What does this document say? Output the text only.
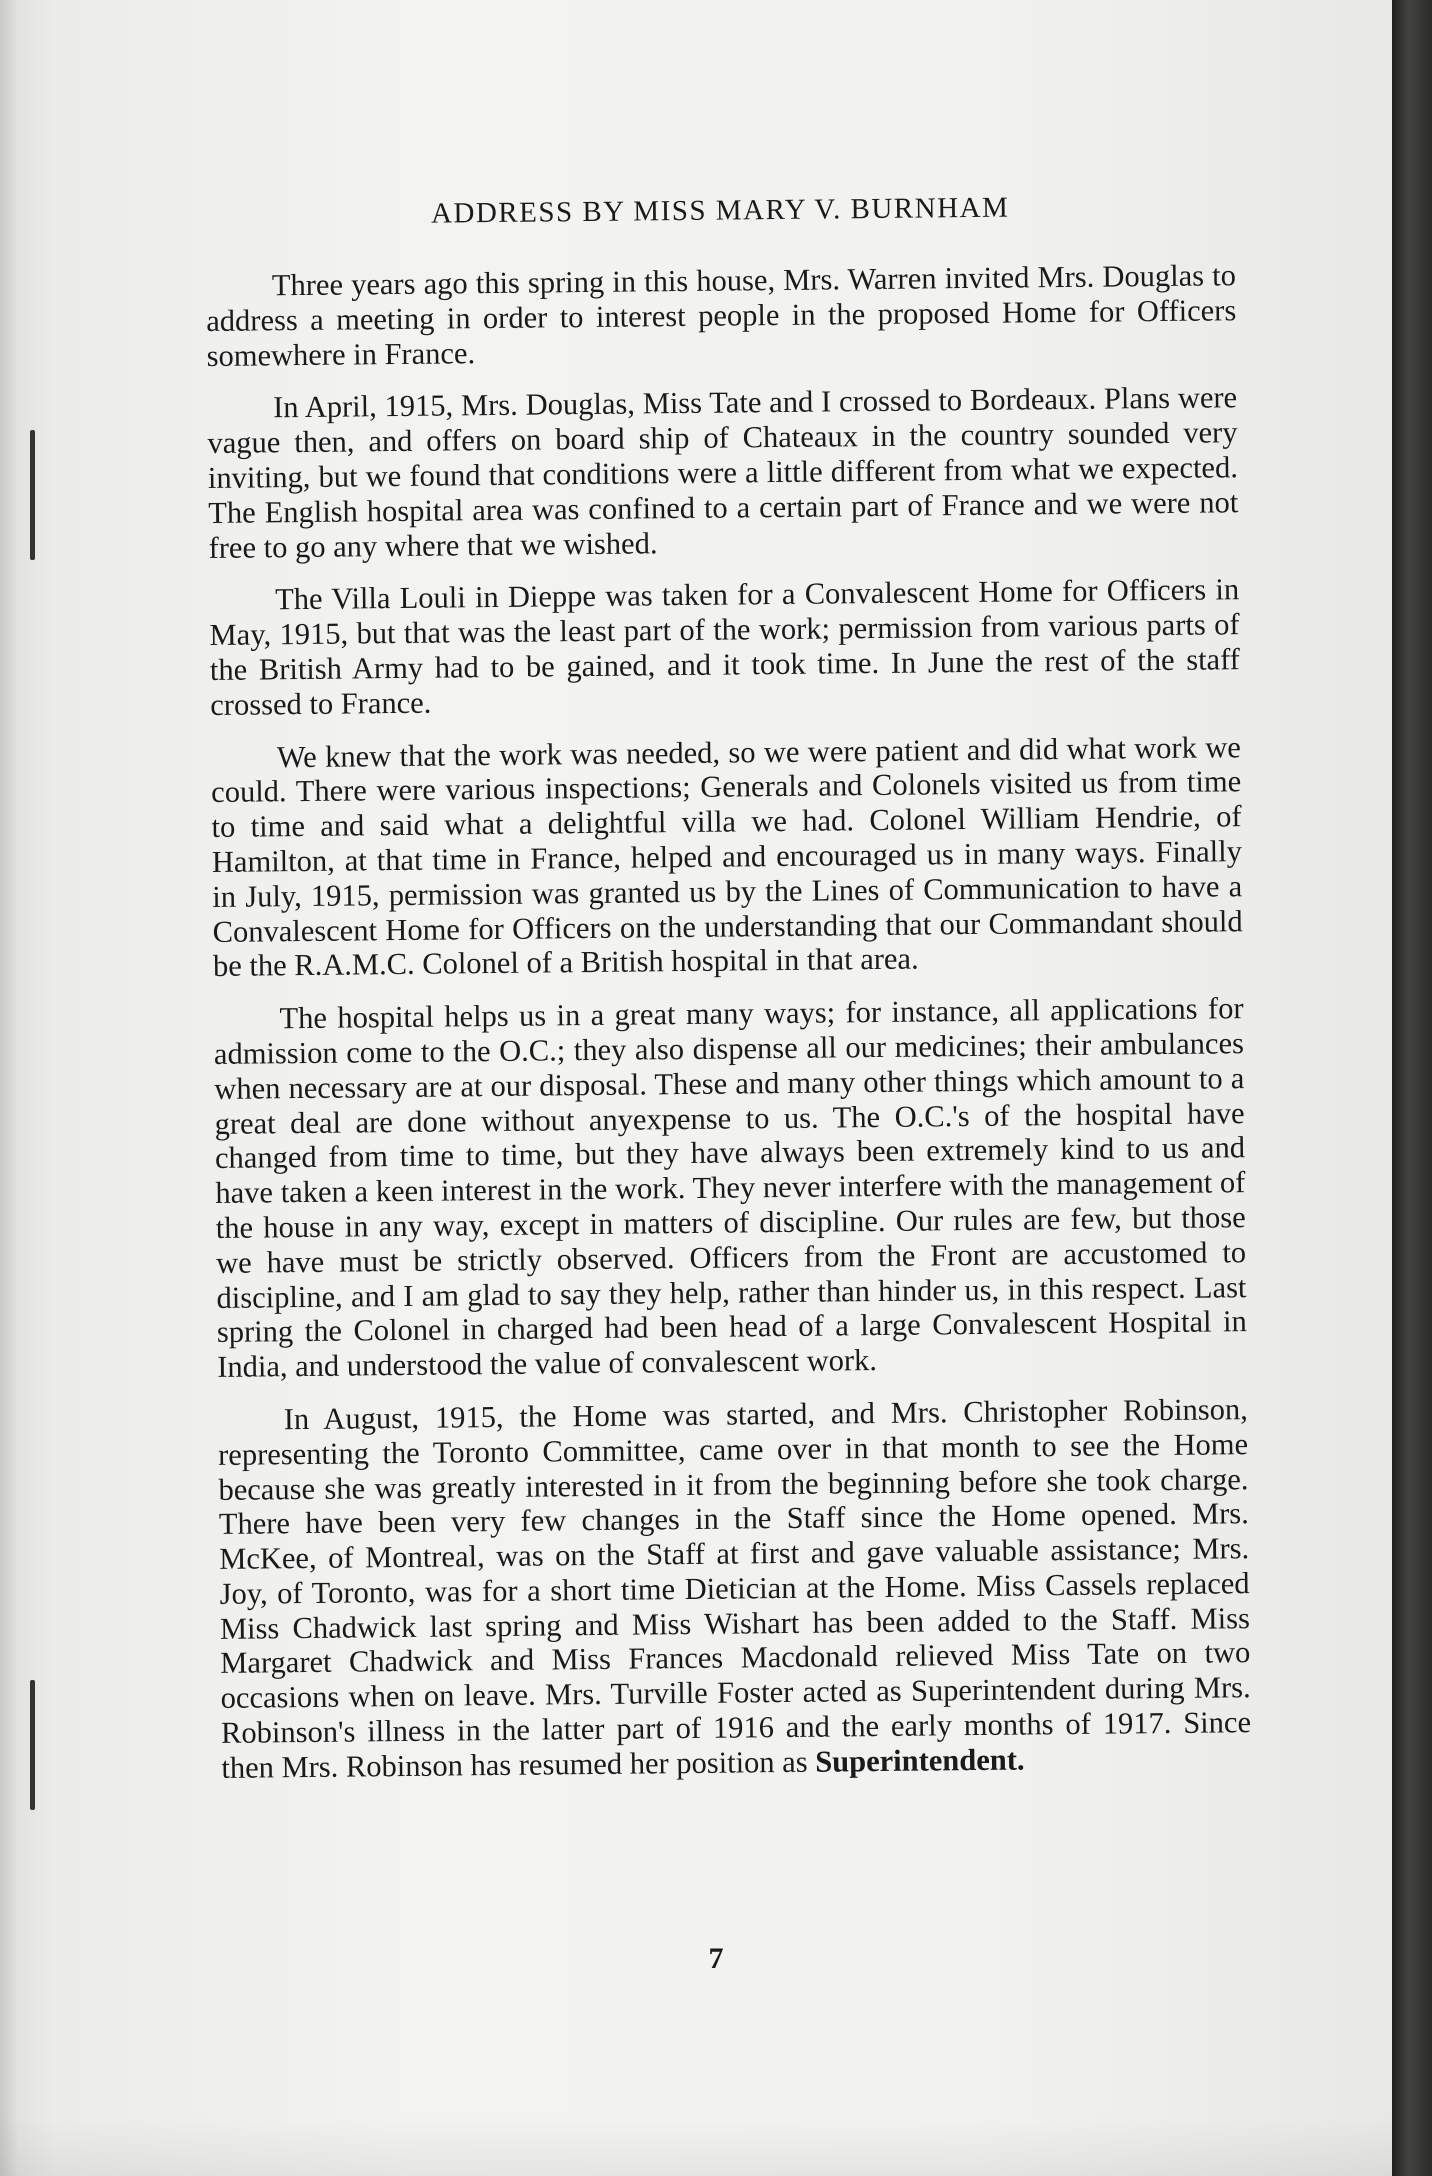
ADDRESS BY MISS MARY V. BURNHAM

Three years ago this spring in this house, Mrs. Warren invited Mrs. Douglas to address a meeting in order to interest people in the proposed Home for Officers somewhere in France.

In April, 1915, Mrs. Douglas, Miss Tate and I crossed to Bordeaux. Plans were vague then, and offers on board ship of Chateaux in the country sounded very inviting, but we found that conditions were a little different from what we expected. The English hospital area was confined to a certain part of France and we were not free to go any where that we wished.

The Villa Louli in Dieppe was taken for a Convalescent Home for Officers in May, 1915, but that was the least part of the work; permission from various parts of the British Army had to be gained, and it took time. In June the rest of the staff crossed to France.

We knew that the work was needed, so we were patient and did what work we could. There were various inspections; Generals and Colonels visited us from time to time and said what a delightful villa we had. Colonel William Hendrie, of Hamilton, at that time in France, helped and encouraged us in many ways. Finally in July, 1915, permission was granted us by the Lines of Communication to have a Convalescent Home for Officers on the understanding that our Commandant should be the R.A.M.C. Colonel of a British hospital in that area.

The hospital helps us in a great many ways; for instance, all applications for admission come to the O.C.; they also dispense all our medicines; their ambulances when necessary are at our disposal. These and many other things which amount to a great deal are done without anyexpense to us. The O.C.'s of the hospital have changed from time to time, but they have always been extremely kind to us and have taken a keen interest in the work. They never interfere with the management of the house in any way, except in matters of discipline. Our rules are few, but those we have must be strictly observed. Officers from the Front are accustomed to discipline, and I am glad to say they help, rather than hinder us, in this respect. Last spring the Colonel in charged had been head of a large Convalescent Hospital in India, and understood the value of convalescent work.

In August, 1915, the Home was started, and Mrs. Christopher Robinson, representing the Toronto Committee, came over in that month to see the Home because she was greatly interested in it from the beginning before she took charge. There have been very few changes in the Staff since the Home opened. Mrs. McKee, of Montreal, was on the Staff at first and gave valuable assistance; Mrs. Joy, of Toronto, was for a short time Dietician at the Home. Miss Cassels replaced Miss Chadwick last spring and Miss Wishart has been added to the Staff. Miss Margaret Chadwick and Miss Frances Macdonald relieved Miss Tate on two occasions when on leave. Mrs. Turville Foster acted as Superintendent during Mrs. Robinson's illness in the latter part of 1916 and the early months of 1917. Since then Mrs. Robinson has resumed her position as Superintendent.

7
